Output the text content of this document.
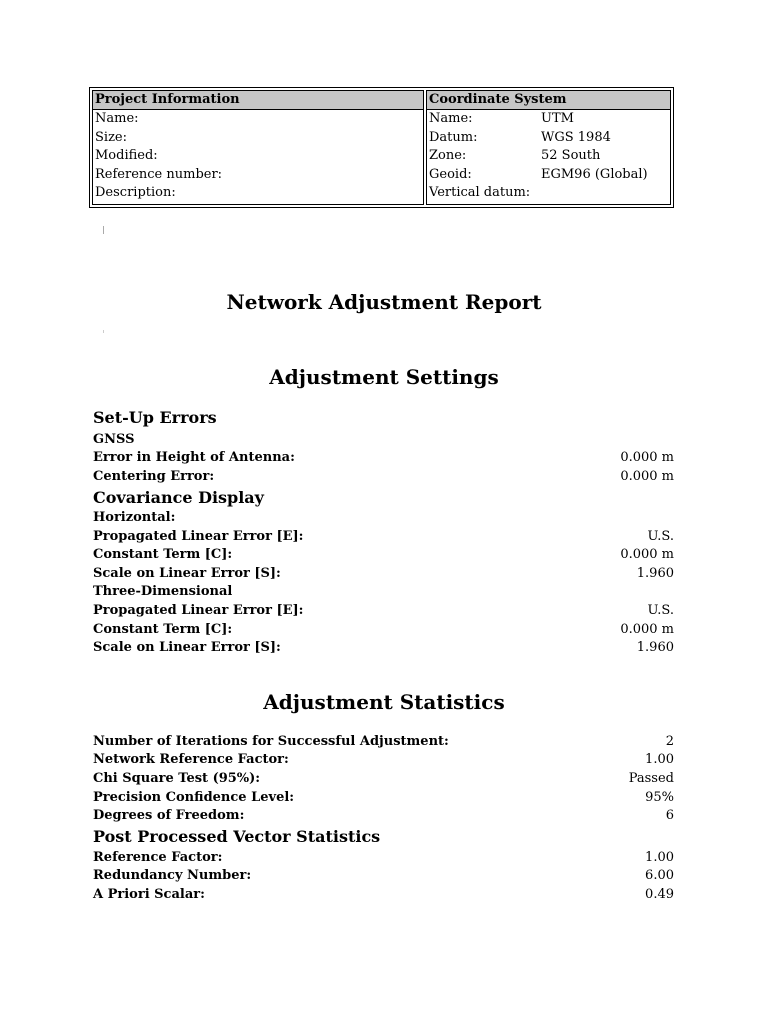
Project Information
Name:
Size:
Modified:
Reference number:
Description:
Coordinate System
Name:	UTM
Datum:	WGS 1984
Zone:	52 South
Geoid:	EGM96 (Global)
Vertical datum:
Network Adjustment Report
Adjustment Settings
Set-Up Errors
GNSS
Error in Height of Antenna:	0.000 m
Centering Error:	0.000 m
Covariance Display
Horizontal:
Propagated Linear Error [E]:	U.S.
Constant Term [C]:	0.000 m
Scale on Linear Error [S]:	1.960
Three-Dimensional
Propagated Linear Error [E]:	U.S.
Constant Term [C]:	0.000 m
Scale on Linear Error [S]:	1.960
Adjustment Statistics
Number of Iterations for Successful Adjustment:	2
Network Reference Factor:	1.00
Chi Square Test (95%):	Passed
Precision Confidence Level:	95%
Degrees of Freedom:	6
Post Processed Vector Statistics
Reference Factor:	1.00
Redundancy Number:	6.00
A Priori Scalar:	0.49
